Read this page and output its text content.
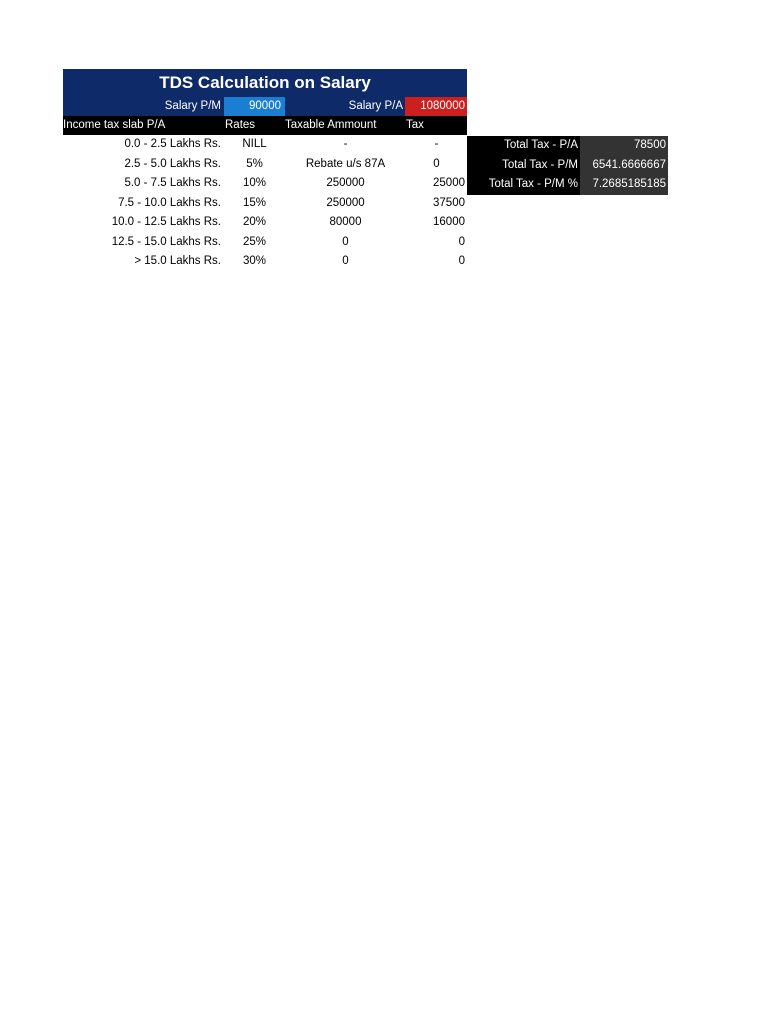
TDS Calculation on Salary
Salary P/M	90000	Salary P/A	1080000
Income tax slab P/A	Rates	Taxable Ammount	Tax
0.0 - 2.5 Lakhs Rs.	NILL	-	-
2.5 - 5.0 Lakhs Rs.	5%	Rebate u/s 87A	0
5.0 - 7.5 Lakhs Rs.	10%	250000	25000
7.5 - 10.0 Lakhs Rs.	15%	250000	37500
10.0 - 12.5 Lakhs Rs.	20%	80000	16000
12.5 - 15.0 Lakhs Rs.	25%	0	0
> 15.0 Lakhs Rs.	30%	0	0
Total Tax - P/A	78500
Total Tax - P/M	6541.6666667
Total Tax - P/M %	7.2685185185
